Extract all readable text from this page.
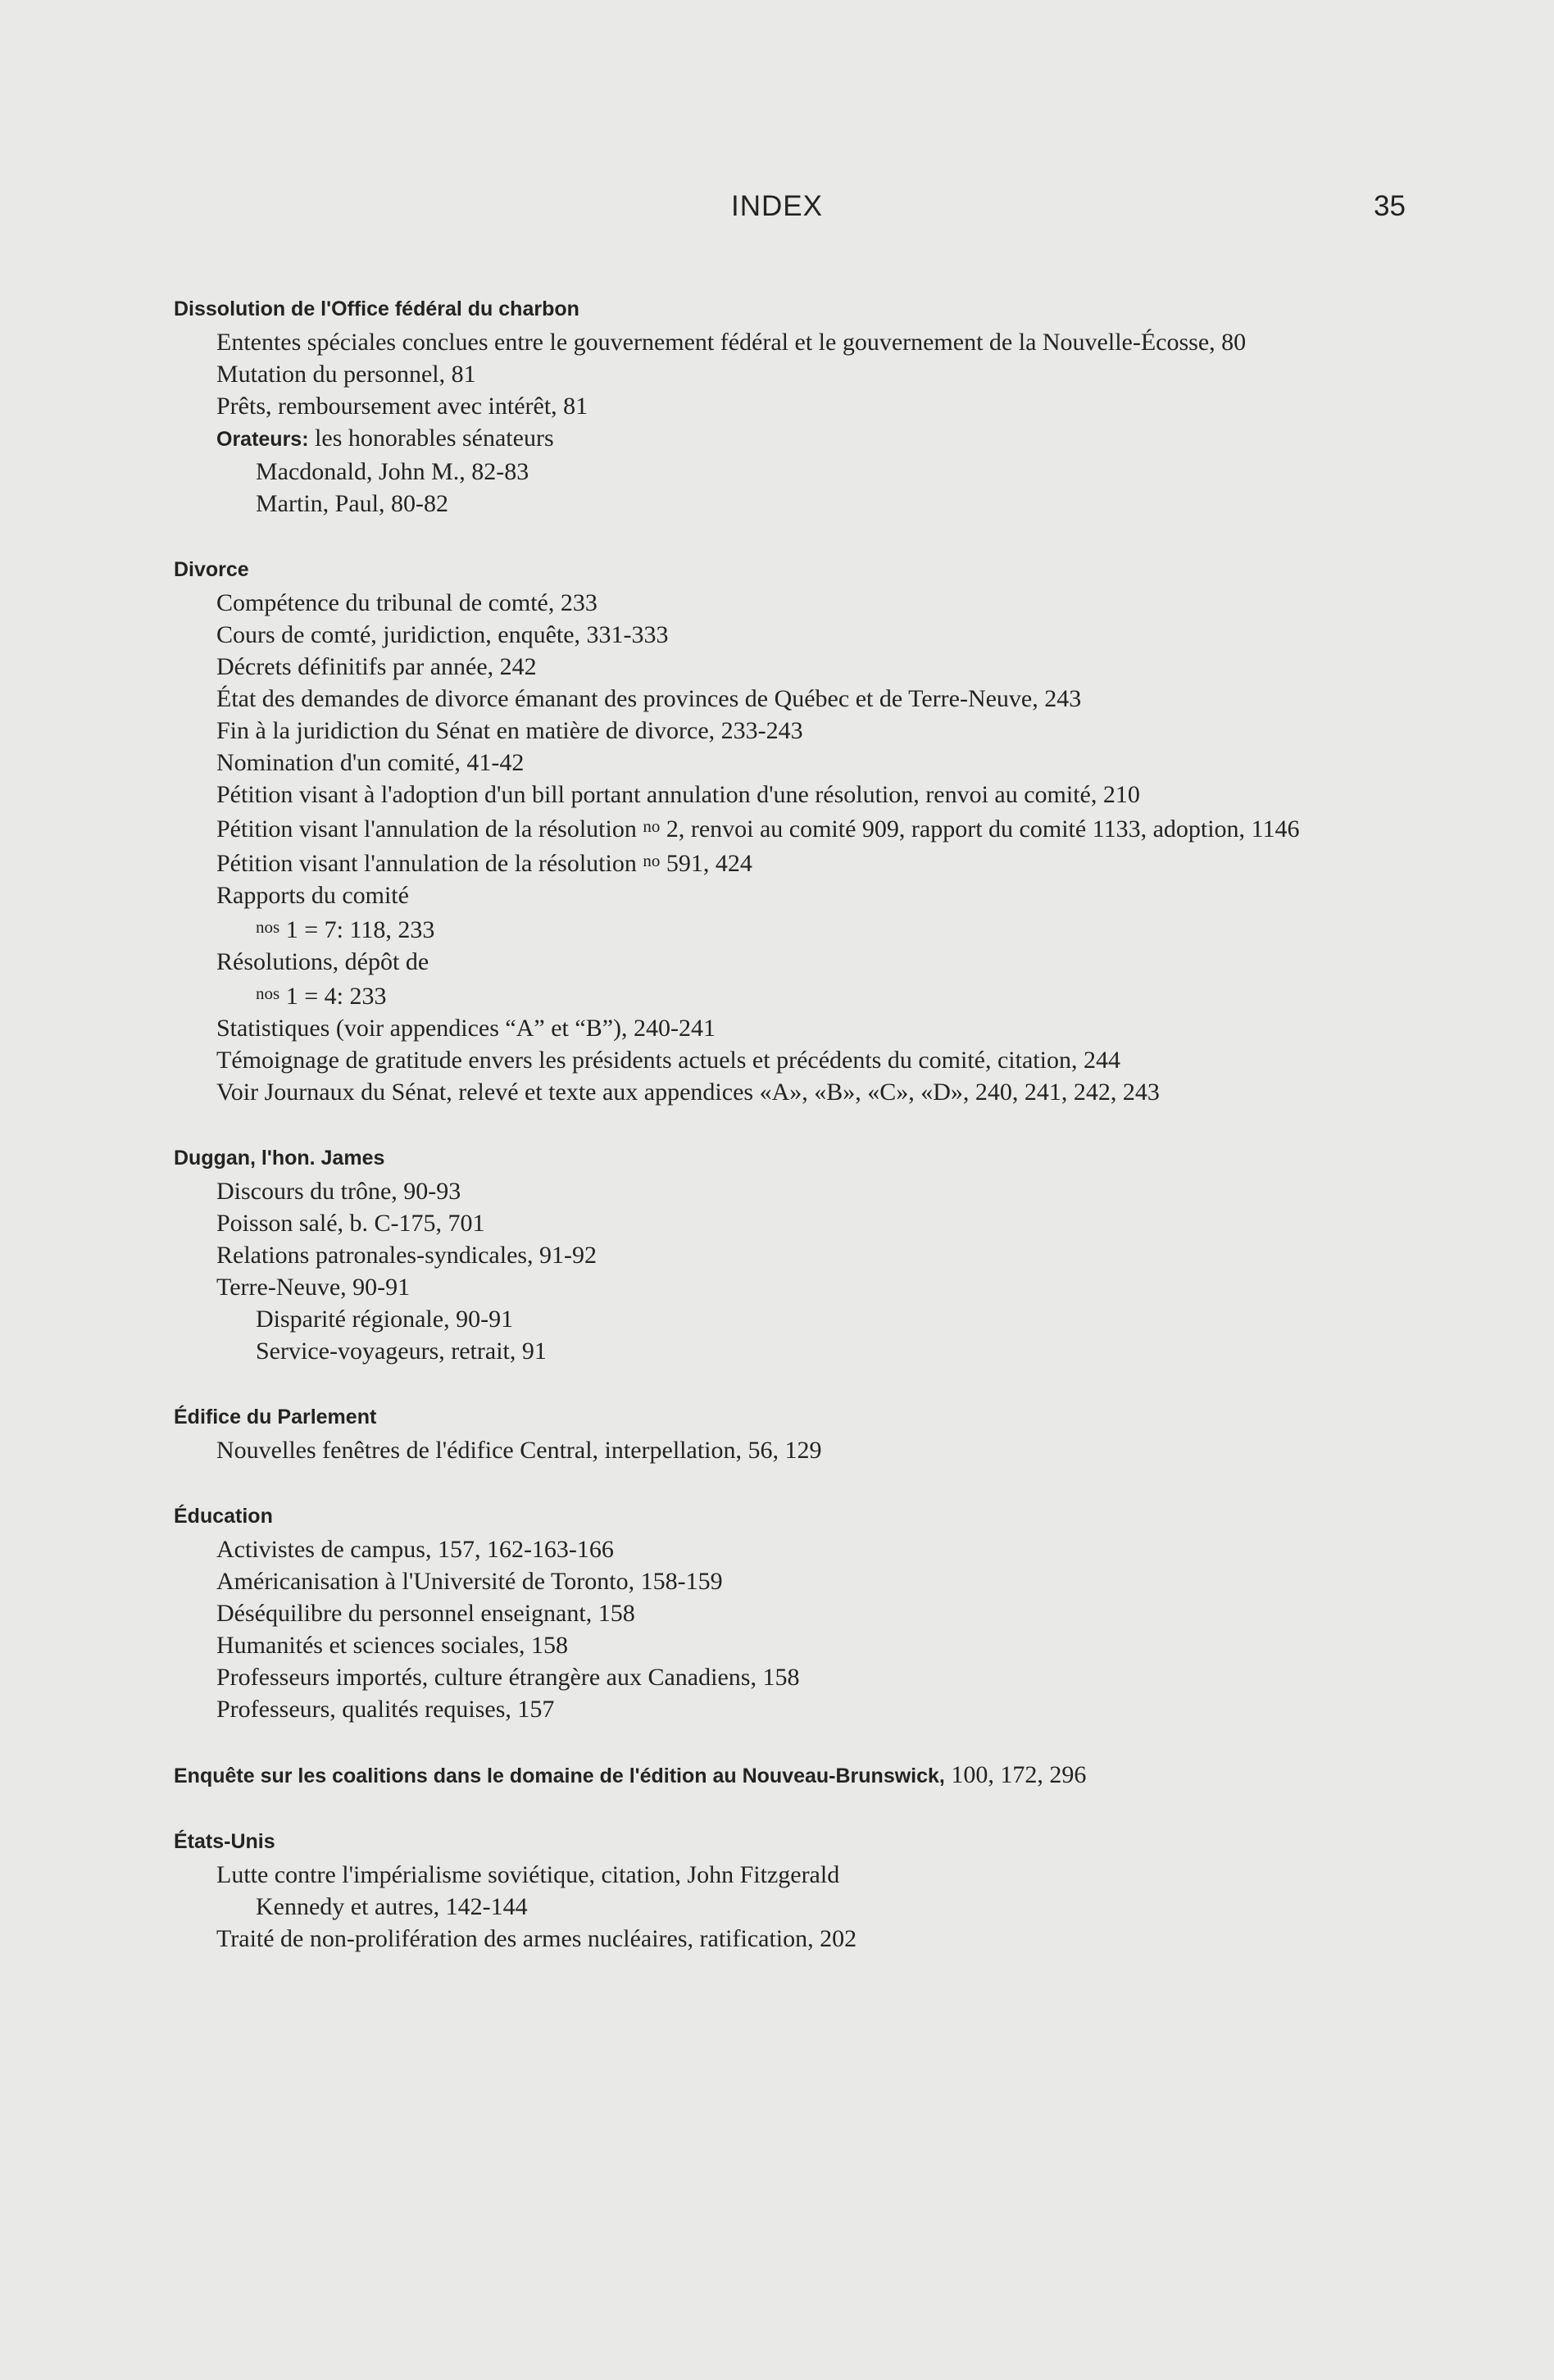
INDEX	35

Dissolution de l'Office fédéral du charbon

Ententes spéciales conclues entre le gouvernement fédéral et le gouvernement de la Nouvelle-Écosse, 80

Mutation du personnel, 81

Prêts, remboursement avec intérêt, 81

Orateurs: les honorables sénateurs

Macdonald, John M., 82-83

Martin, Paul, 80-82

Divorce

Compétence du tribunal de comté, 233

Cours de comté, juridiction, enquête, 331-333

Décrets définitifs par année, 242

État des demandes de divorce émanant des provinces de Québec et de Terre-Neuve, 243

Fin à la juridiction du Sénat en matière de divorce, 233-243

Nomination d'un comité, 41-42

Pétition visant à l'adoption d'un bill portant annulation d'une résolution, renvoi au comité, 210

Pétition visant l'annulation de la résolution $^{no}$ 2, renvoi au comité 909, rapport du comité 1133, adoption, 1146

Pétition visant l'annulation de la résolution $^{no}$ 591, 424

Rapports du comité

$^{nos}$ 1 = 7: 118, 233

Résolutions, dépôt de

$^{nos}$ 1 = 4: 233

Statistiques (voir appendices “A” et “B”), 240-241

Témoignage de gratitude envers les présidents actuels et précédents du comité, citation, 244

Voir Journaux du Sénat, relevé et texte aux appendices «A», «B», «C», «D», 240, 241, 242, 243

Duggan, l'hon. James

Discours du trône, 90-93

Poisson salé, b. C-175, 701

Relations patronales-syndicales, 91-92

Terre-Neuve, 90-91

Disparité régionale, 90-91

Service-voyageurs, retrait, 91

Édifice du Parlement

Nouvelles fenêtres de l'édifice Central, interpellation, 56, 129

Éducation

Activistes de campus, 157, 162-163-166

Américanisation à l'Université de Toronto, 158-159

Déséquilibre du personnel enseignant, 158

Humanités et sciences sociales, 158

Professeurs importés, culture étrangère aux Canadiens, 158

Professeurs, qualités requises, 157

Enquête sur les coalitions dans le domaine de l'édition au Nouveau-Brunswick, 100, 172, 296

États-Unis

Lutte contre l'impérialisme soviétique, citation, John Fitzgerald

Kennedy et autres, 142-144

Traité de non-prolifération des armes nucléaires, ratification, 202
